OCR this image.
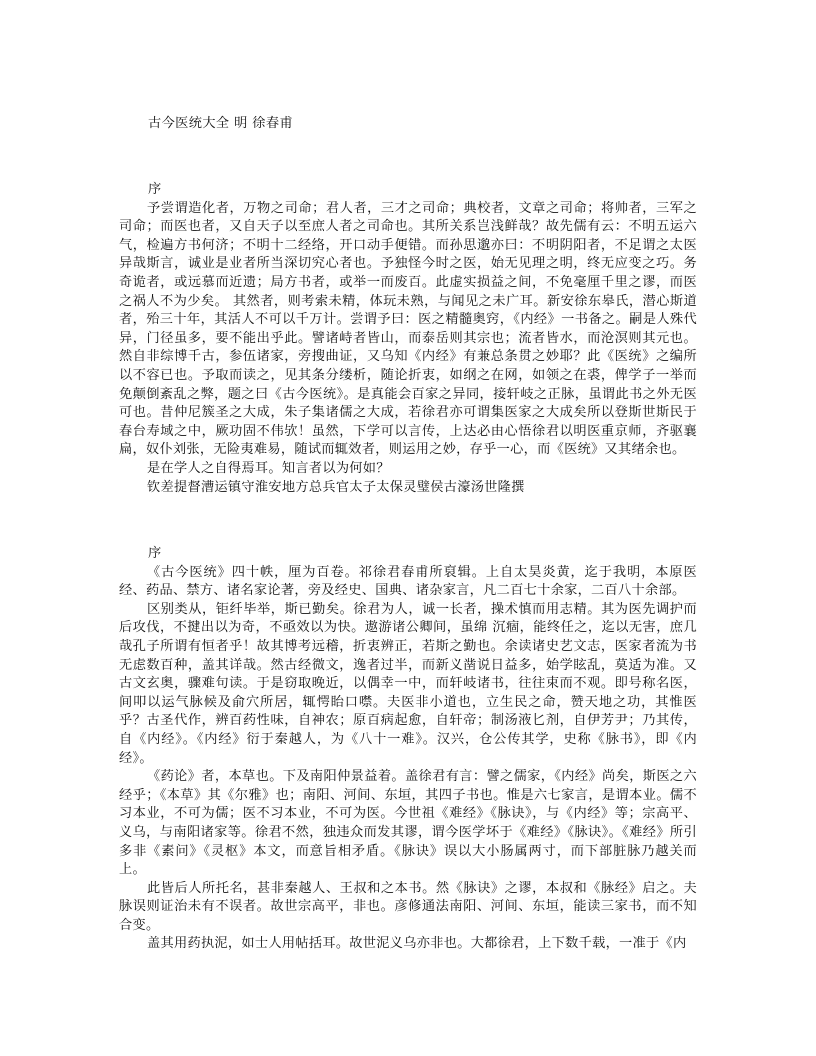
古今医统大全 明 徐春甫
序

予尝谓造化者，万物之司命；君人者，三才之司命；典校者，文章之司命；将帅者，三军之司命；而医也者，又自天子以至庶人者之司命也。其所关系岂浅鲜哉？故先儒有云：不明五运六气，检遍方书何济；不明十二经络，开口动手便错。而孙思邈亦曰：不明阴阳者，不足谓之太医异哉斯言，诚业是业者所当深切究心者也。予独怪今时之医，始无见理之明，终无应变之巧。务奇诡者，或远慕而近遗；局方书者，或举一而废百。此虚实损益之间，不免毫厘千里之谬，而医之祸人不为少矣。 其然者，则考索未精，体玩未熟，与闻见之未广耳。新安徐东皋氏，潜心斯道者，殆三十年，其活人不可以千万计。尝谓予曰：医之精髓奥窍，《内经》一书备之。嗣是人殊代异，门径虽多，要不能出乎此。譬诸峙者皆山，而泰岳则其宗也；流者皆水，而沧溟则其元也。然自非综博千古，参伍诸家，旁搜曲证，又乌知《内经》有兼总条贯之妙耶？此《医统》之编所以不容已也。予取而读之，见其条分缕析，随论折衷，如纲之在网，如领之在裘，俾学子一举而免颠倒紊乱之弊，题之曰《古今医统》。是真能会百家之异同，接轩岐之正脉，虽谓此书之外无医可也。昔仲尼簇圣之大成，朱子集诸儒之大成，若徐君亦可谓集医家之大成矣所以登斯世斯民于春台寿域之中，厥功固不伟欤！虽然，下学可以言传，上达必由心悟徐君以明医重京师，齐驱襄扁，奴仆刘张，无险夷难易，随试而辄效者，则运用之妙，存乎一心，而《医统》又其绪余也。

是在学人之自得焉耳。知言者以为何如？

钦差提督漕运镇守淮安地方总兵官太子太保灵璧侯古濠汤世隆撰

序

《古今医统》四十帙，厘为百卷。祁徐君春甫所裒辑。上自太昊炎黄，迄于我明，本原医经、药品、禁方、诸名家论著，旁及经史、国典、诸杂家言，凡二百七十余家，二百八十余部。

区别类从，钜纤毕举，斯已勤矣。徐君为人，诚一长者，操术慎而用志精。其为医先调护而后攻伐，不揵出以为奇，不亟效以为快。遨游诸公卿间，虽绵 沉痼，能终任之，迄以无害，庶几哉孔子所谓有恒者乎！故其博考远稽，折衷辨正，若斯之勤也。余读诸史艺文志，医家者流为书无虑数百种，盖其详哉。然古经微文，逸者过半，而新义凿说日益多，始学眩乱，莫适为准。又古文玄奥，骤难句读。于是窃取晚近，以偶幸一中，而轩岐诸书，往往束而不观。即号称名医，间叩以运气脉候及俞穴所居，辄愕眙口噤。夫医非小道也，立生民之命，赞天地之功，其惟医乎？古圣代作，辨百药性味，自神农；原百病起愈，自轩帝；制汤液匕剂，自伊芳尹；乃其传，自《内经》。《内经》衍于秦越人，为《八十一难》。汉兴，仓公传其学，史称《脉书》，即《内经》。

《药论》者，本草也。下及南阳仲景益着。盖徐君有言：譬之儒家，《内经》尚矣，斯医之六经乎；《本草》其《尔雅》也；南阳、河间、东垣，其四子书也。惟是六七家言，是谓本业。儒不习本业，不可为儒；医不习本业，不可为医。今世祖《难经》《脉诀》，与《内经》等；宗高平、义乌，与南阳诸家等。徐君不然，独违众而发其谬，谓今医学坏于《难经》《脉诀》。《难经》所引多非《素问》《灵枢》本文，而意旨相矛盾。《脉诀》误以大小肠属两寸，而下部脏脉乃越关而上。

此皆后人所托名，甚非秦越人、王叔和之本书。然《脉诀》之谬，本叔和《脉经》启之。夫脉误则证治未有不误者。故世宗高平，非也。彦修通法南阳、河间、东垣，能读三家书，而不知合变。

盖其用药执泥，如士人用帖括耳。故世泥义乌亦非也。大都徐君，上下数千载，一准于《内
